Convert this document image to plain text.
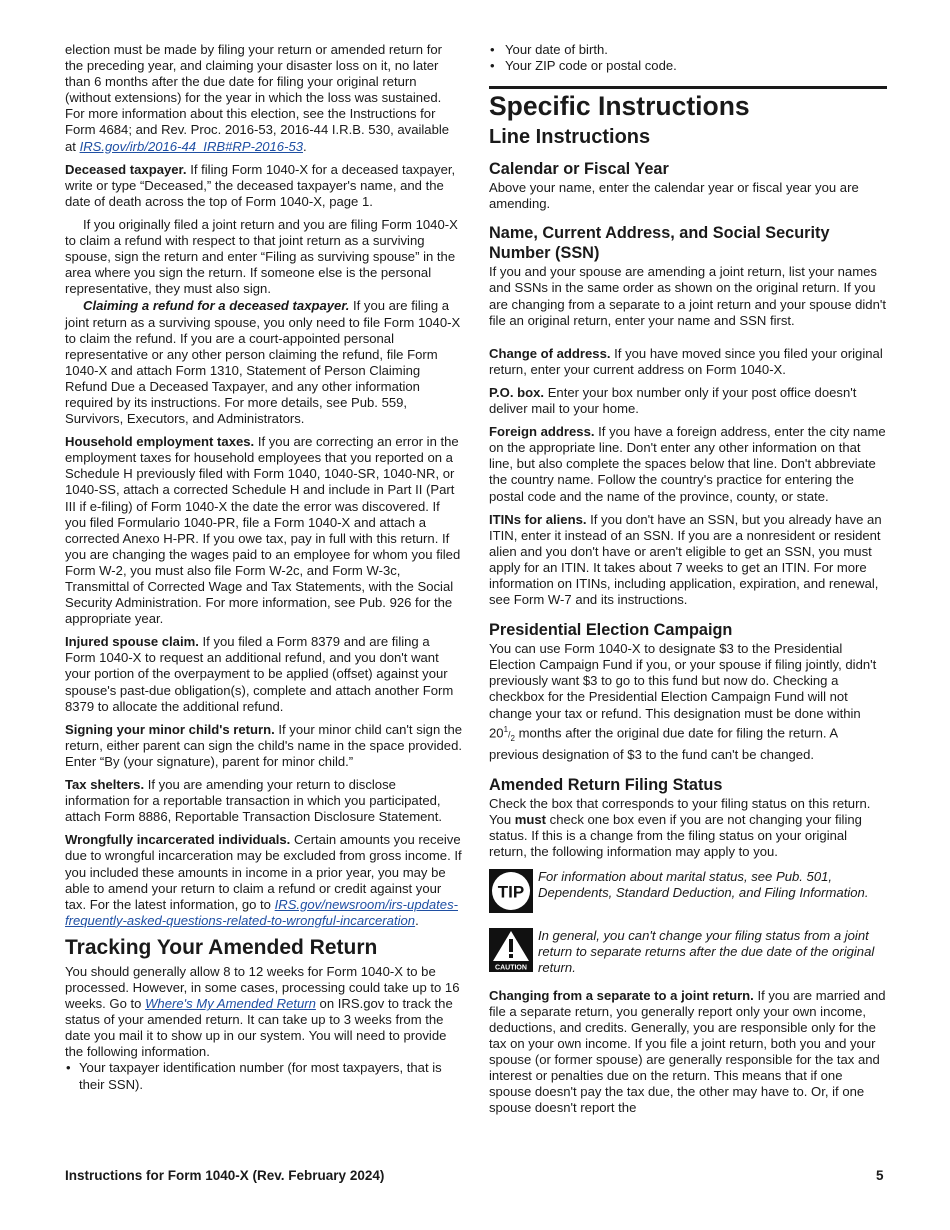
election must be made by filing your return or amended return for the preceding year, and claiming your disaster loss on it, no later than 6 months after the due date for filing your original return (without extensions) for the year in which the loss was sustained. For more information about this election, see the Instructions for Form 4684; and Rev. Proc. 2016-53, 2016-44 I.R.B. 530, available at IRS.gov/irb/2016-44_IRB#RP-2016-53.

Deceased taxpayer. If filing Form 1040-X for a deceased taxpayer, write or type “Deceased,” the deceased taxpayer's name, and the date of death across the top of Form 1040-X, page 1.

If you originally filed a joint return and you are filing Form 1040-X to claim a refund with respect to that joint return as a surviving spouse, sign the return and enter “Filing as surviving spouse” in the area where you sign the return. If someone else is the personal representative, they must also sign.

Claiming a refund for a deceased taxpayer. If you are filing a joint return as a surviving spouse, you only need to file Form 1040-X to claim the refund. If you are a court-appointed personal representative or any other person claiming the refund, file Form 1040-X and attach Form 1310, Statement of Person Claiming Refund Due a Deceased Taxpayer, and any other information required by its instructions. For more details, see Pub. 559, Survivors, Executors, and Administrators.

Household employment taxes. If you are correcting an error in the employment taxes for household employees that you reported on a Schedule H previously filed with Form 1040, 1040-SR, 1040-NR, or 1040-SS, attach a corrected Schedule H and include in Part II (Part III if e-filing) of Form 1040-X the date the error was discovered. If you filed Formulario 1040-PR, file a Form 1040-X and attach a corrected Anexo H-PR. If you owe tax, pay in full with this return. If you are changing the wages paid to an employee for whom you filed Form W-2, you must also file Form W-2c, and Form W-3c, Transmittal of Corrected Wage and Tax Statements, with the Social Security Administration. For more information, see Pub. 926 for the appropriate year.

Injured spouse claim. If you filed a Form 8379 and are filing a Form 1040-X to request an additional refund, and you don't want your portion of the overpayment to be applied (offset) against your spouse's past-due obligation(s), complete and attach another Form 8379 to allocate the additional refund.

Signing your minor child's return. If your minor child can't sign the return, either parent can sign the child's name in the space provided. Enter “By (your signature), parent for minor child.”

Tax shelters. If you are amending your return to disclose information for a reportable transaction in which you participated, attach Form 8886, Reportable Transaction Disclosure Statement.

Wrongfully incarcerated individuals. Certain amounts you receive due to wrongful incarceration may be excluded from gross income. If you included these amounts in income in a prior year, you may be able to amend your return to claim a refund or credit against your tax. For the latest information, go to IRS.gov/newsroom/irs-updates-frequently-asked-questions-related-to-wrongful-incarceration.

Tracking Your Amended Return

You should generally allow 8 to 12 weeks for Form 1040-X to be processed. However, in some cases, processing could take up to 16 weeks. Go to Where's My Amended Return on IRS.gov to track the status of your amended return. It can take up to 3 weeks from the date you mail it to show up in our system. You will need to provide the following information.

• Your taxpayer identification number (for most taxpayers, that is their SSN).
• Your date of birth.
• Your ZIP code or postal code.
Specific Instructions
Line Instructions
Calendar or Fiscal Year

Above your name, enter the calendar year or fiscal year you are amending.

Name, Current Address, and Social Security Number (SSN)

If you and your spouse are amending a joint return, list your names and SSNs in the same order as shown on the original return. If you are changing from a separate to a joint return and your spouse didn't file an original return, enter your name and SSN first.

Change of address. If you have moved since you filed your original return, enter your current address on Form 1040-X.

P.O. box. Enter your box number only if your post office doesn't deliver mail to your home.

Foreign address. If you have a foreign address, enter the city name on the appropriate line. Don't enter any other information on that line, but also complete the spaces below that line. Don't abbreviate the country name. Follow the country's practice for entering the postal code and the name of the province, county, or state.

ITINs for aliens. If you don't have an SSN, but you already have an ITIN, enter it instead of an SSN. If you are a nonresident or resident alien and you don't have or aren't eligible to get an SSN, you must apply for an ITIN. It takes about 7 weeks to get an ITIN. For more information on ITINs, including application, expiration, and renewal, see Form W-7 and its instructions.

Presidential Election Campaign

You can use Form 1040-X to designate $3 to the Presidential Election Campaign Fund if you, or your spouse if filing jointly, didn't previously want $3 to go to this fund but now do. Checking a checkbox for the Presidential Election Campaign Fund will not change your tax or refund. This designation must be done within $20^1/_2$ months after the original due date for filing the return. A previous designation of $3 to the fund can't be changed.

Amended Return Filing Status

Check the box that corresponds to your filing status on this return. You must check one box even if you are not changing your filing status. If this is a change from the filing status on your original return, the following information may apply to you.

TIP
For information about marital status, see Pub. 501, Dependents, Standard Deduction, and Filing Information.
CAUTION
In general, you can't change your filing status from a joint return to separate returns after the due date of the original return.

Changing from a separate to a joint return. If you are married and file a separate return, you generally report only your own income, deductions, and credits. Generally, you are responsible only for the tax on your own income. If you file a joint return, both you and your spouse (or former spouse) are generally responsible for the tax and interest or penalties due on the return. This means that if one spouse doesn't pay the tax due, the other may have to. Or, if one spouse doesn't report the

Instructions for Form 1040-X (Rev. February 2024)	5
